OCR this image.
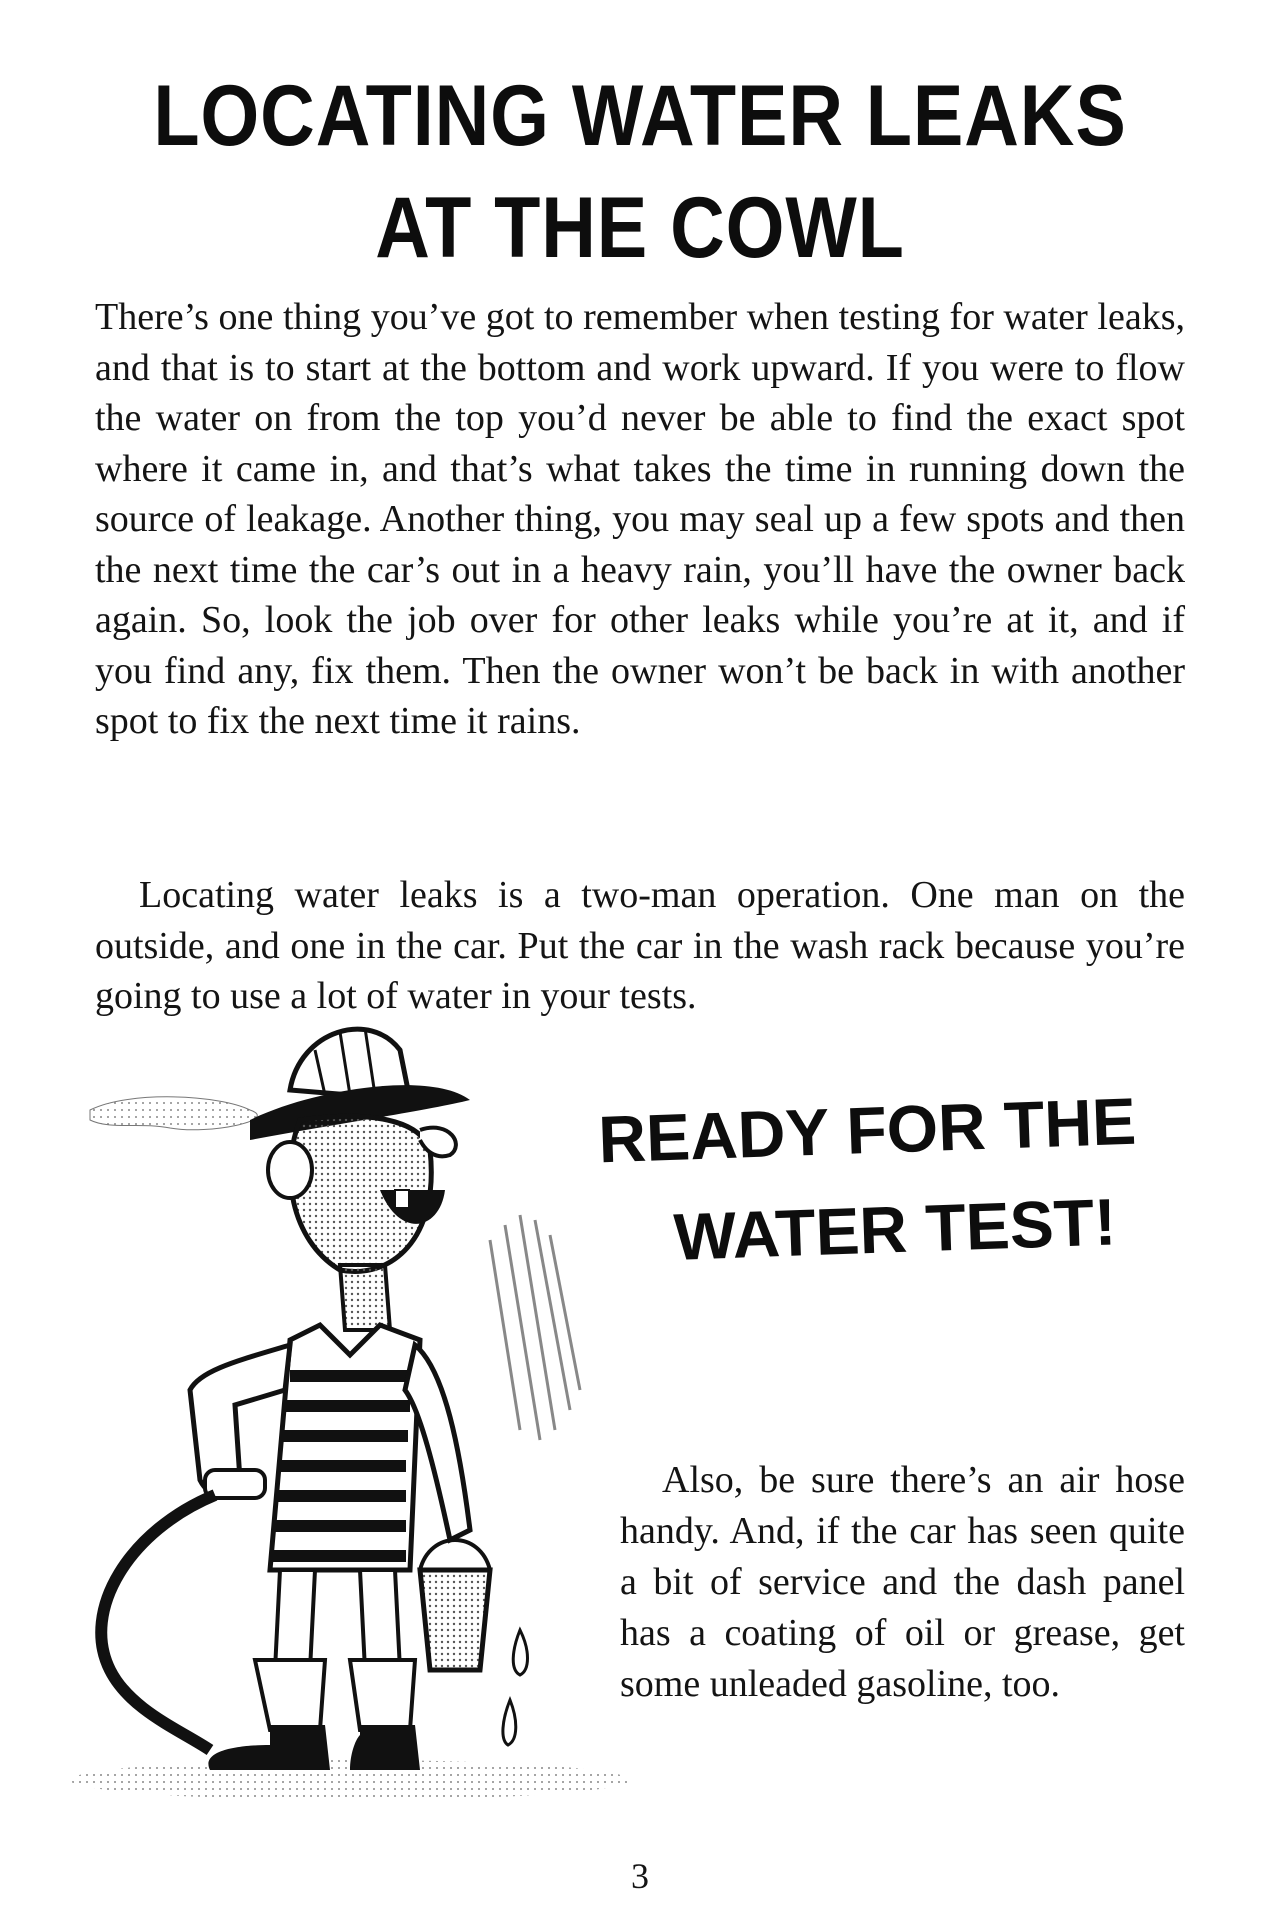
LOCATING WATER LEAKS
AT THE COWL

There’s one thing you’ve got to remember when testing for water leaks, and that is to start at the bottom and work upward. If you were to flow the water on from the top you’d never be able to find the exact spot where it came in, and that’s what takes the time in running down the source of leakage. Another thing, you may seal up a few spots and then the next time the car’s out in a heavy rain, you’ll have the owner back again. So, look the job over for other leaks while you’re at it, and if you find any, fix them. Then the owner won’t be back in with another spot to fix the next time it rains.

Locating water leaks is a two-man operation. One man on the outside, and one in the car. Put the car in the wash rack because you’re going to use a lot of water in your tests.

READY FOR THE
WATER TEST!

Also, be sure there’s an air hose handy. And, if the car has seen quite a bit of service and the dash panel has a coating of oil or grease, get some unleaded gasoline, too.

3
